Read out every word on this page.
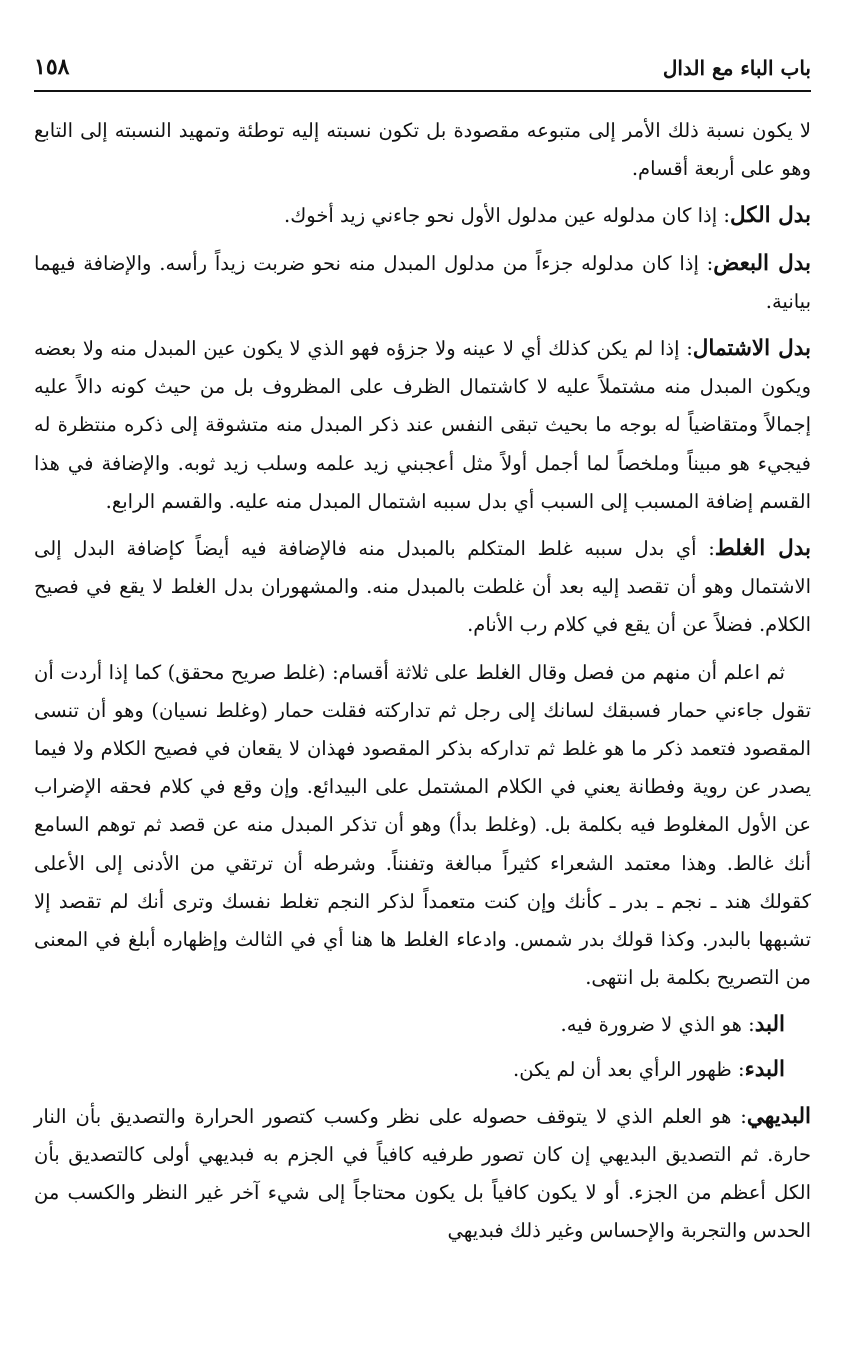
باب الباء مع الدال
١٥٨

لا يكون نسبة ذلك الأمر إلى متبوعه مقصودة بل تكون نسبته إليه توطئة وتمهيد النسبته إلى التابع وهو على أربعة أقسام.

بدل الكل: إذا كان مدلوله عين مدلول الأول نحو جاءني زيد أخوك.

بدل البعض: إذا كان مدلوله جزءاً من مدلول المبدل منه نحو ضربت زيداً رأسه. والإضافة فيهما بيانية.

بدل الاشتمال: إذا لم يكن كذلك أي لا عينه ولا جزؤه فهو الذي لا يكون عين المبدل منه ولا بعضه ويكون المبدل منه مشتملاً عليه لا كاشتمال الظرف على المظروف بل من حيث كونه دالاً عليه إجمالاً ومتقاضياً له بوجه ما بحيث تبقى النفس عند ذكر المبدل منه متشوقة إلى ذكره منتظرة له فيجيء هو مبيناً وملخصاً لما أجمل أولاً مثل أعجبني زيد علمه وسلب زيد ثوبه. والإضافة في هذا القسم إضافة المسبب إلى السبب أي بدل سببه اشتمال المبدل منه عليه. والقسم الرابع.

بدل الغلط: أي بدل سببه غلط المتكلم بالمبدل منه فالإضافة فيه أيضاً كإضافة البدل إلى الاشتمال وهو أن تقصد إليه بعد أن غلطت بالمبدل منه. والمشهوران بدل الغلط لا يقع في فصيح الكلام. فضلاً عن أن يقع في كلام رب الأنام.

ثم اعلم أن منهم من فصل وقال الغلط على ثلاثة أقسام: (غلط صريح محقق) كما إذا أردت أن تقول جاءني حمار فسبقك لسانك إلى رجل ثم تداركته فقلت حمار (وغلط نسيان) وهو أن تنسى المقصود فتعمد ذكر ما هو غلط ثم تداركه بذكر المقصود فهذان لا يقعان في فصيح الكلام ولا فيما يصدر عن روية وفطانة يعني في الكلام المشتمل على البيدائع. وإن وقع في كلام فحقه الإضراب عن الأول المغلوط فيه بكلمة بل. (وغلط بدأ) وهو أن تذكر المبدل منه عن قصد ثم توهم السامع أنك غالط. وهذا معتمد الشعراء كثيراً مبالغة وتفنناً. وشرطه أن ترتقي من الأدنى إلى الأعلى كقولك هند ـ نجم ـ بدر ـ كأنك وإن كنت متعمداً لذكر النجم تغلط نفسك وترى أنك لم تقصد إلا تشبهها بالبدر. وكذا قولك بدر شمس. وادعاء الغلط ها هنا أي في الثالث وإظهاره أبلغ في المعنى من التصريح بكلمة بل انتهى.

البد: هو الذي لا ضرورة فيه.

البدء: ظهور الرأي بعد أن لم يكن.

البديهي: هو العلم الذي لا يتوقف حصوله على نظر وكسب كتصور الحرارة والتصديق بأن النار حارة. ثم التصديق البديهي إن كان تصور طرفيه كافياً في الجزم به فبديهي أولى كالتصديق بأن الكل أعظم من الجزء. أو لا يكون كافياً بل يكون محتاجاً إلى شيء آخر غير النظر والكسب من الحدس والتجربة والإحساس وغير ذلك فبديهي
